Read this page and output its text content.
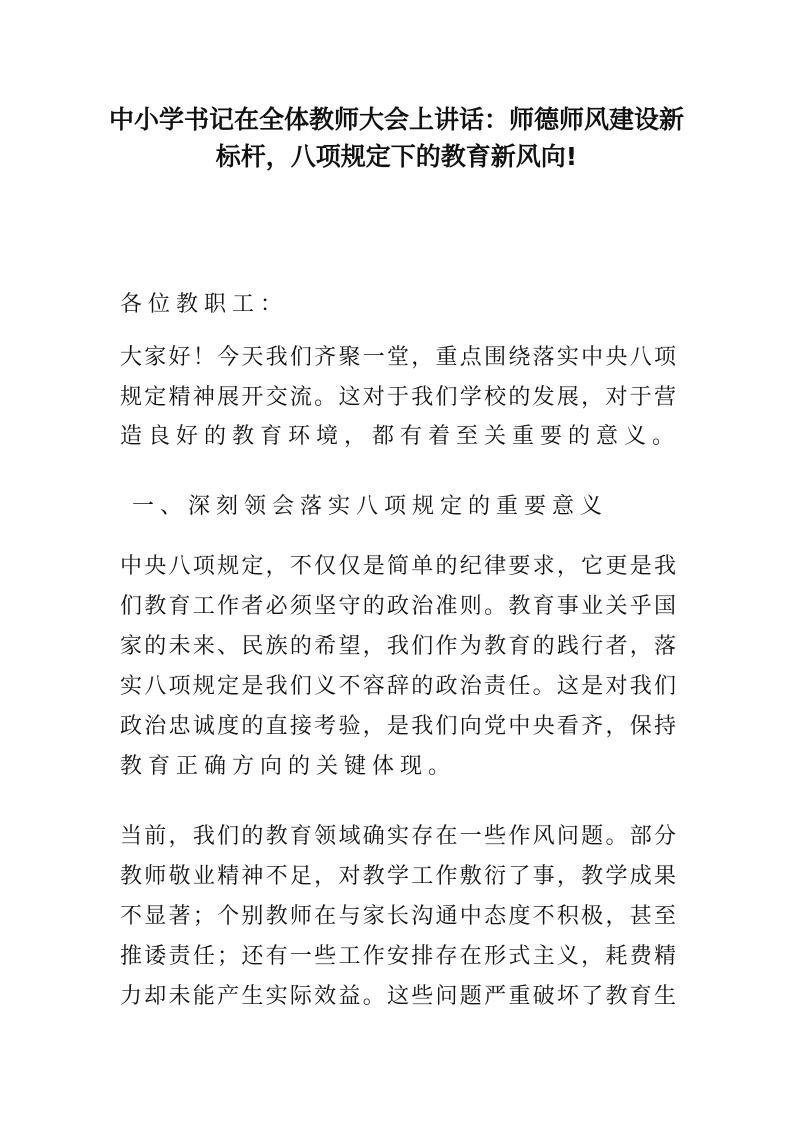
中小学书记在全体教师大会上讲话：师德师风建设新
标杆，八项规定下的教育新风向!
各位教职工：
大家好！今天我们齐聚一堂，重点围绕落实中央八项
规定精神展开交流。这对于我们学校的发展，对于营
造良好的教育环境，都有着至关重要的意义。
一、深刻领会落实八项规定的重要意义
中央八项规定，不仅仅是简单的纪律要求，它更是我
们教育工作者必须坚守的政治准则。教育事业关乎国
家的未来、民族的希望，我们作为教育的践行者，落
实八项规定是我们义不容辞的政治责任。这是对我们
政治忠诚度的直接考验，是我们向党中央看齐，保持
教育正确方向的关键体现。
当前，我们的教育领域确实存在一些作风问题。部分
教师敬业精神不足，对教学工作敷衍了事，教学成果
不显著；个别教师在与家长沟通中态度不积极，甚至
推诿责任；还有一些工作安排存在形式主义，耗费精
力却未能产生实际效益。这些问题严重破坏了教育生
